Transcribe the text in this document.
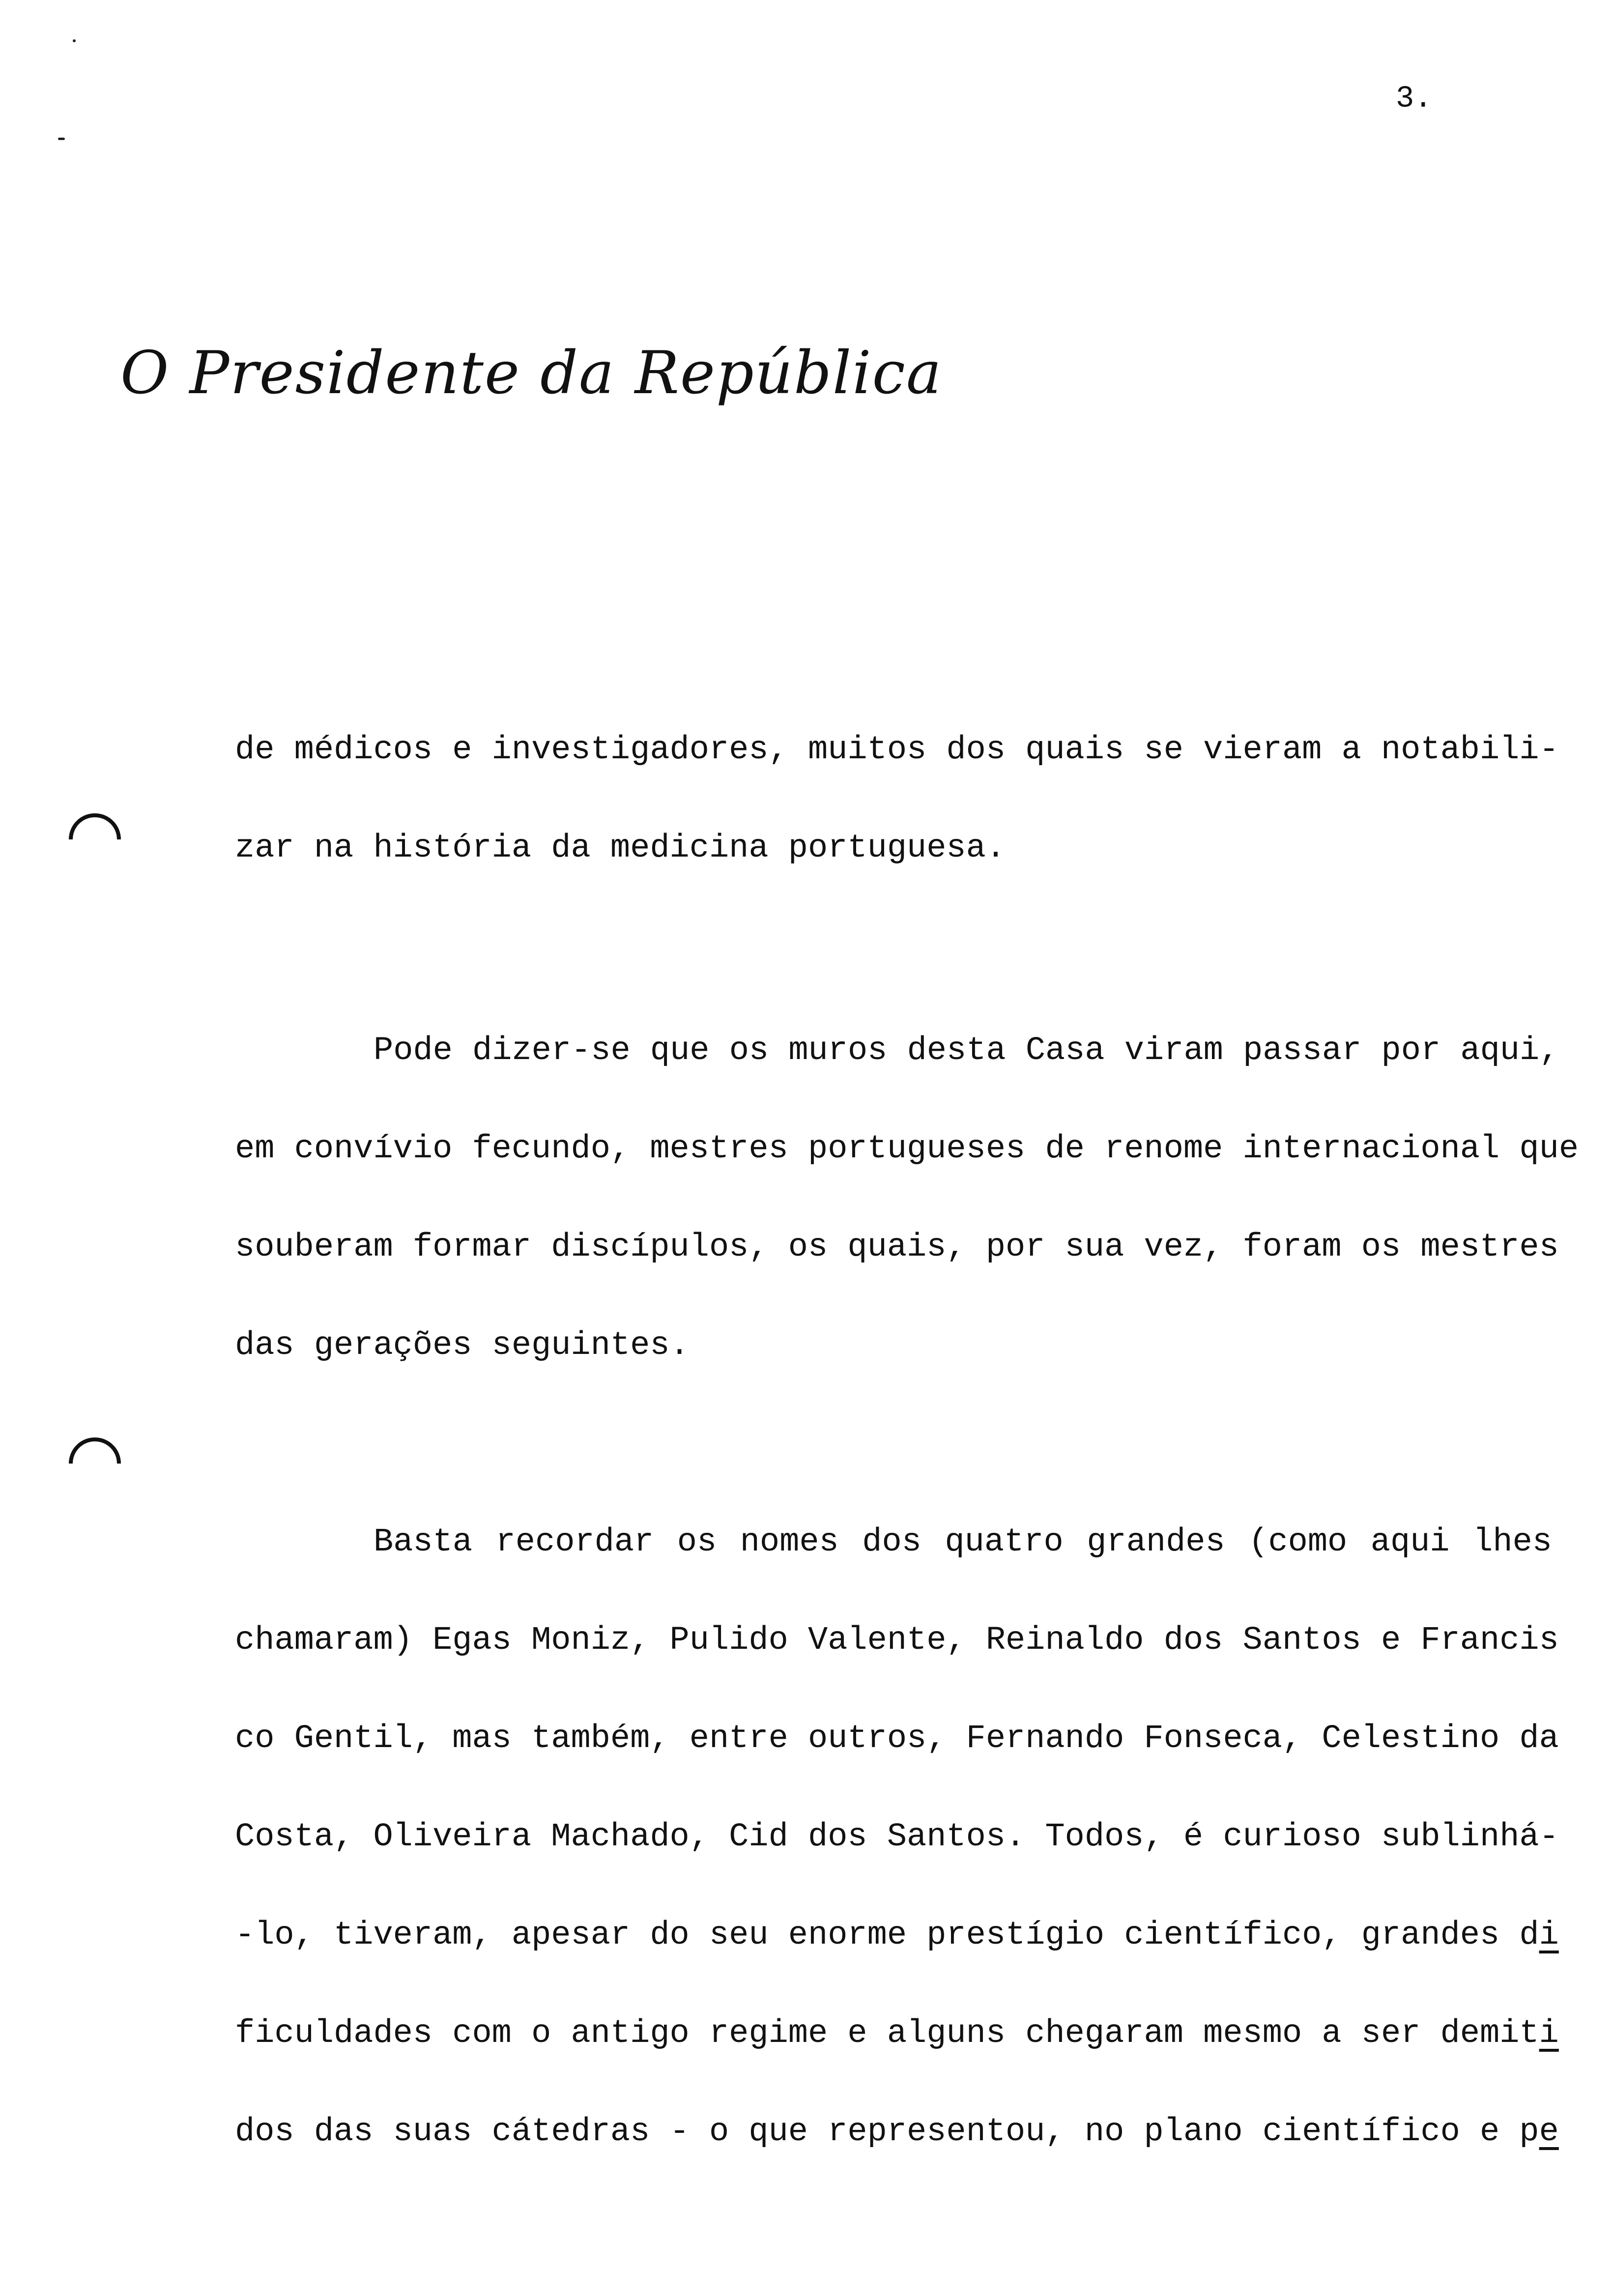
3.
O Presidente da República
de médicos e investigadores, muitos dos quais se vieram a notabili-
zar na história da medicina portuguesa.
Pode dizer-se que os muros desta Casa viram passar por aqui,
em convívio fecundo, mestres portugueses de renome internacional que
souberam formar discípulos, os quais, por sua vez, foram os mestres
das gerações seguintes.
Basta recordar os nomes dos quatro grandes (como aqui lhes
chamaram) Egas Moniz, Pulido Valente, Reinaldo dos Santos e Francis
co Gentil, mas também, entre outros, Fernando Fonseca, Celestino da
Costa, Oliveira Machado, Cid dos Santos. Todos, é curioso sublinhá-
-lo, tiveram, apesar do seu enorme prestígio científico, grandes di
ficuldades com o antigo regime e alguns chegaram mesmo a ser demiti
dos das suas cátedras - o que representou, no plano científico e pe
